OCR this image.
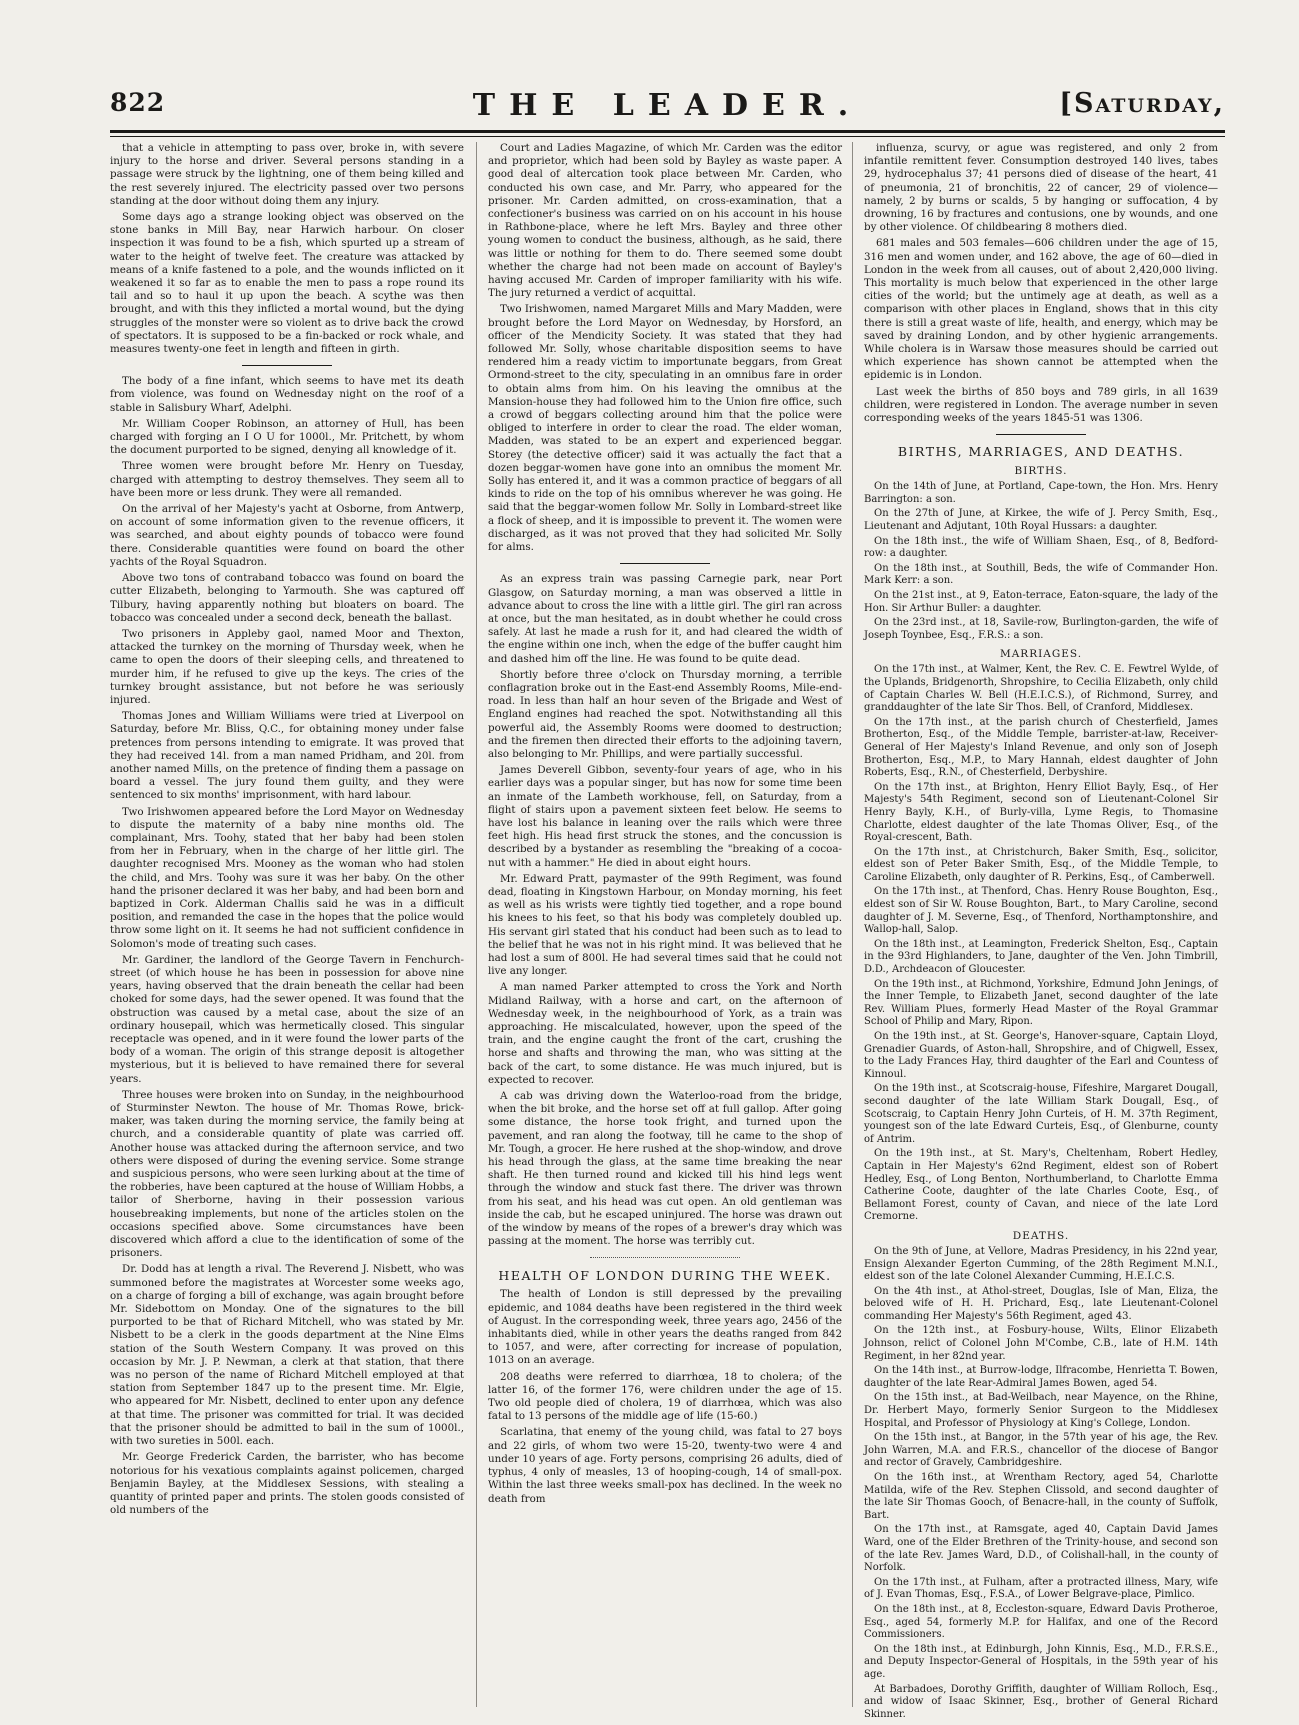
822	THE LEADER.	[Saturday,

that a vehicle in attempting to pass over, broke in, with severe injury to the horse and driver. Several persons standing in a passage were struck by the lightning, one of them being killed and the rest severely injured. The electricity passed over two persons standing at the door without doing them any injury.

Some days ago a strange looking object was observed on the stone banks in Mill Bay, near Harwich harbour. On closer inspection it was found to be a fish, which spurted up a stream of water to the height of twelve feet. The creature was attacked by means of a knife fastened to a pole, and the wounds inflicted on it weakened it so far as to enable the men to pass a rope round its tail and so to haul it up upon the beach. A scythe was then brought, and with this they inflicted a mortal wound, but the dying struggles of the monster were so violent as to drive back the crowd of spectators. It is supposed to be a fin-backed or rock whale, and measures twenty-one feet in length and fifteen in girth.

The body of a fine infant, which seems to have met its death from violence, was found on Wednesday night on the roof of a stable in Salisbury Wharf, Adelphi.

Mr. William Cooper Robinson, an attorney of Hull, has been charged with forging an I O U for 1000l., Mr. Pritchett, by whom the document purported to be signed, denying all knowledge of it.

Three women were brought before Mr. Henry on Tuesday, charged with attempting to destroy themselves. They seem all to have been more or less drunk. They were all remanded.

On the arrival of her Majesty's yacht at Osborne, from Antwerp, on account of some information given to the revenue officers, it was searched, and about eighty pounds of tobacco were found there. Considerable quantities were found on board the other yachts of the Royal Squadron.

Above two tons of contraband tobacco was found on board the cutter Elizabeth, belonging to Yarmouth. She was captured off Tilbury, having apparently nothing but bloaters on board. The tobacco was concealed under a second deck, beneath the ballast.

Two prisoners in Appleby gaol, named Moor and Thexton, attacked the turnkey on the morning of Thursday week, when he came to open the doors of their sleeping cells, and threatened to murder him, if he refused to give up the keys. The cries of the turnkey brought assistance, but not before he was seriously injured.

Thomas Jones and William Williams were tried at Liverpool on Saturday, before Mr. Bliss, Q.C., for obtaining money under false pretences from persons intending to emigrate. It was proved that they had received 14l. from a man named Pridham, and 20l. from another named Mills, on the pretence of finding them a passage on board a vessel. The jury found them guilty, and they were sentenced to six months' imprisonment, with hard labour.

Two Irishwomen appeared before the Lord Mayor on Wednesday to dispute the maternity of a baby nine months old. The complainant, Mrs. Toohy, stated that her baby had been stolen from her in February, when in the charge of her little girl. The daughter recognised Mrs. Mooney as the woman who had stolen the child, and Mrs. Toohy was sure it was her baby. On the other hand the prisoner declared it was her baby, and had been born and baptized in Cork. Alderman Challis said he was in a difficult position, and remanded the case in the hopes that the police would throw some light on it. It seems he had not sufficient confidence in Solomon's mode of treating such cases.

Mr. Gardiner, the landlord of the George Tavern in Fenchurch-street (of which house he has been in possession for above nine years, having observed that the drain beneath the cellar had been choked for some days, had the sewer opened. It was found that the obstruction was caused by a metal case, about the size of an ordinary housepail, which was hermetically closed. This singular receptacle was opened, and in it were found the lower parts of the body of a woman. The origin of this strange deposit is altogether mysterious, but it is believed to have remained there for several years.

Three houses were broken into on Sunday, in the neighbourhood of Sturminster Newton. The house of Mr. Thomas Rowe, brick-maker, was taken during the morning service, the family being at church, and a considerable quantity of plate was carried off. Another house was attacked during the afternoon service, and two others were disposed of during the evening service. Some strange and suspicious persons, who were seen lurking about at the time of the robberies, have been captured at the house of William Hobbs, a tailor of Sherborne, having in their possession various housebreaking implements, but none of the articles stolen on the occasions specified above. Some circumstances have been discovered which afford a clue to the identification of some of the prisoners.

Dr. Dodd has at length a rival. The Reverend J. Nisbett, who was summoned before the magistrates at Worcester some weeks ago, on a charge of forging a bill of exchange, was again brought before Mr. Sidebottom on Monday. One of the signatures to the bill purported to be that of Richard Mitchell, who was stated by Mr. Nisbett to be a clerk in the goods department at the Nine Elms station of the South Western Company. It was proved on this occasion by Mr. J. P. Newman, a clerk at that station, that there was no person of the name of Richard Mitchell employed at that station from September 1847 up to the present time. Mr. Elgie, who appeared for Mr. Nisbett, declined to enter upon any defence at that time. The prisoner was committed for trial. It was decided that the prisoner should be admitted to bail in the sum of 1000l., with two sureties in 500l. each.

Mr. George Frederick Carden, the barrister, who has become notorious for his vexatious complaints against policemen, charged Benjamin Bayley, at the Middlesex Sessions, with stealing a quantity of printed paper and prints. The stolen goods consisted of old numbers of the

Court and Ladies Magazine, of which Mr. Carden was the editor and proprietor, which had been sold by Bayley as waste paper. A good deal of altercation took place between Mr. Carden, who conducted his own case, and Mr. Parry, who appeared for the prisoner. Mr. Carden admitted, on cross-examination, that a confectioner's business was carried on on his account in his house in Rathbone-place, where he left Mrs. Bayley and three other young women to conduct the business, although, as he said, there was little or nothing for them to do. There seemed some doubt whether the charge had not been made on account of Bayley's having accused Mr. Carden of improper familiarity with his wife. The jury returned a verdict of acquittal.

Two Irishwomen, named Margaret Mills and Mary Madden, were brought before the Lord Mayor on Wednesday, by Horsford, an officer of the Mendicity Society. It was stated that they had followed Mr. Solly, whose charitable disposition seems to have rendered him a ready victim to importunate beggars, from Great Ormond-street to the city, speculating in an omnibus fare in order to obtain alms from him. On his leaving the omnibus at the Mansion-house they had followed him to the Union fire office, such a crowd of beggars collecting around him that the police were obliged to interfere in order to clear the road. The elder woman, Madden, was stated to be an expert and experienced beggar. Storey (the detective officer) said it was actually the fact that a dozen beggar-women have gone into an omnibus the moment Mr. Solly has entered it, and it was a common practice of beggars of all kinds to ride on the top of his omnibus wherever he was going. He said that the beggar-women follow Mr. Solly in Lombard-street like a flock of sheep, and it is impossible to prevent it. The women were discharged, as it was not proved that they had solicited Mr. Solly for alms.

As an express train was passing Carnegie park, near Port Glasgow, on Saturday morning, a man was observed a little in advance about to cross the line with a little girl. The girl ran across at once, but the man hesitated, as in doubt whether he could cross safely. At last he made a rush for it, and had cleared the width of the engine within one inch, when the edge of the buffer caught him and dashed him off the line. He was found to be quite dead.

Shortly before three o'clock on Thursday morning, a terrible conflagration broke out in the East-end Assembly Rooms, Mile-end-road. In less than half an hour seven of the Brigade and West of England engines had reached the spot. Notwithstanding all this powerful aid, the Assembly Rooms were doomed to destruction; and the firemen then directed their efforts to the adjoining tavern, also belonging to Mr. Phillips, and were partially successful.

James Deverell Gibbon, seventy-four years of age, who in his earlier days was a popular singer, but has now for some time been an inmate of the Lambeth workhouse, fell, on Saturday, from a flight of stairs upon a pavement sixteen feet below. He seems to have lost his balance in leaning over the rails which were three feet high. His head first struck the stones, and the concussion is described by a bystander as resembling the "breaking of a cocoa-nut with a hammer." He died in about eight hours.

Mr. Edward Pratt, paymaster of the 99th Regiment, was found dead, floating in Kingstown Harbour, on Monday morning, his feet as well as his wrists were tightly tied together, and a rope bound his knees to his feet, so that his body was completely doubled up. His servant girl stated that his conduct had been such as to lead to the belief that he was not in his right mind. It was believed that he had lost a sum of 800l. He had several times said that he could not live any longer.

A man named Parker attempted to cross the York and North Midland Railway, with a horse and cart, on the afternoon of Wednesday week, in the neighbourhood of York, as a train was approaching. He miscalculated, however, upon the speed of the train, and the engine caught the front of the cart, crushing the horse and shafts and throwing the man, who was sitting at the back of the cart, to some distance. He was much injured, but is expected to recover.

A cab was driving down the Waterloo-road from the bridge, when the bit broke, and the horse set off at full gallop. After going some distance, the horse took fright, and turned upon the pavement, and ran along the footway, till he came to the shop of Mr. Tough, a grocer. He here rushed at the shop-window, and drove his head through the glass, at the same time breaking the near shaft. He then turned round and kicked till his hind legs went through the window and stuck fast there. The driver was thrown from his seat, and his head was cut open. An old gentleman was inside the cab, but he escaped uninjured. The horse was drawn out of the window by means of the ropes of a brewer's dray which was passing at the moment. The horse was terribly cut.

HEALTH OF LONDON DURING THE WEEK.

The health of London is still depressed by the prevailing epidemic, and 1084 deaths have been registered in the third week of August. In the corresponding week, three years ago, 2456 of the inhabitants died, while in other years the deaths ranged from 842 to 1057, and were, after correcting for increase of population, 1013 on an average.

208 deaths were referred to diarrhœa, 18 to cholera; of the latter 16, of the former 176, were children under the age of 15. Two old people died of cholera, 19 of diarrhœa, which was also fatal to 13 persons of the middle age of life (15-60.)

Scarlatina, that enemy of the young child, was fatal to 27 boys and 22 girls, of whom two were 15-20, twenty-two were 4 and under 10 years of age. Forty persons, comprising 26 adults, died of typhus, 4 only of measles, 13 of hooping-cough, 14 of small-pox. Within the last three weeks small-pox has declined. In the week no death from

influenza, scurvy, or ague was registered, and only 2 from infantile remittent fever. Consumption destroyed 140 lives, tabes 29, hydrocephalus 37; 41 persons died of disease of the heart, 41 of pneumonia, 21 of bronchitis, 22 of cancer, 29 of violence—namely, 2 by burns or scalds, 5 by hanging or suffocation, 4 by drowning, 16 by fractures and contusions, one by wounds, and one by other violence. Of childbearing 8 mothers died.

681 males and 503 females—606 children under the age of 15, 316 men and women under, and 162 above, the age of 60—died in London in the week from all causes, out of about 2,420,000 living. This mortality is much below that experienced in the other large cities of the world; but the untimely age at death, as well as a comparison with other places in England, shows that in this city there is still a great waste of life, health, and energy, which may be saved by draining London, and by other hygienic arrangements. While cholera is in Warsaw those measures should be carried out which experience has shown cannot be attempted when the epidemic is in London.

Last week the births of 850 boys and 789 girls, in all 1639 children, were registered in London. The average number in seven corresponding weeks of the years 1845-51 was 1306.

BIRTHS, MARRIAGES, AND DEATHS.
BIRTHS.

On the 14th of June, at Portland, Cape-town, the Hon. Mrs. Henry Barrington: a son.

On the 27th of June, at Kirkee, the wife of J. Percy Smith, Esq., Lieutenant and Adjutant, 10th Royal Hussars: a daughter.

On the 18th inst., the wife of William Shaen, Esq., of 8, Bedford-row: a daughter.

On the 18th inst., at Southill, Beds, the wife of Commander Hon. Mark Kerr: a son.

On the 21st inst., at 9, Eaton-terrace, Eaton-square, the lady of the Hon. Sir Arthur Buller: a daughter.

On the 23rd inst., at 18, Savile-row, Burlington-garden, the wife of Joseph Toynbee, Esq., F.R.S.: a son.

MARRIAGES.

On the 17th inst., at Walmer, Kent, the Rev. C. E. Fewtrel Wylde, of the Uplands, Bridgenorth, Shropshire, to Cecilia Elizabeth, only child of Captain Charles W. Bell (H.E.I.C.S.), of Richmond, Surrey, and granddaughter of the late Sir Thos. Bell, of Cranford, Middlesex.

On the 17th inst., at the parish church of Chesterfield, James Brotherton, Esq., of the Middle Temple, barrister-at-law, Receiver-General of Her Majesty's Inland Revenue, and only son of Joseph Brotherton, Esq., M.P., to Mary Hannah, eldest daughter of John Roberts, Esq., R.N., of Chesterfield, Derbyshire.

On the 17th inst., at Brighton, Henry Elliot Bayly, Esq., of Her Majesty's 54th Regiment, second son of Lieutenant-Colonel Sir Henry Bayly, K.H., of Burly-villa, Lyme Regis, to Thomasine Charlotte, eldest daughter of the late Thomas Oliver, Esq., of the Royal-crescent, Bath.

On the 17th inst., at Christchurch, Baker Smith, Esq., solicitor, eldest son of Peter Baker Smith, Esq., of the Middle Temple, to Caroline Elizabeth, only daughter of R. Perkins, Esq., of Camberwell.

On the 17th inst., at Thenford, Chas. Henry Rouse Boughton, Esq., eldest son of Sir W. Rouse Boughton, Bart., to Mary Caroline, second daughter of J. M. Severne, Esq., of Thenford, Northamptonshire, and Wallop-hall, Salop.

On the 18th inst., at Leamington, Frederick Shelton, Esq., Captain in the 93rd Highlanders, to Jane, daughter of the Ven. John Timbrill, D.D., Archdeacon of Gloucester.

On the 19th inst., at Richmond, Yorkshire, Edmund John Jenings, of the Inner Temple, to Elizabeth Janet, second daughter of the late Rev. William Plues, formerly Head Master of the Royal Grammar School of Philip and Mary, Ripon.

On the 19th inst., at St. George's, Hanover-square, Captain Lloyd, Grenadier Guards, of Aston-hall, Shropshire, and of Chigwell, Essex, to the Lady Frances Hay, third daughter of the Earl and Countess of Kinnoul.

On the 19th inst., at Scotscraig-house, Fifeshire, Margaret Dougall, second daughter of the late William Stark Dougall, Esq., of Scotscraig, to Captain Henry John Curteis, of H. M. 37th Regiment, youngest son of the late Edward Curteis, Esq., of Glenburne, county of Antrim.

On the 19th inst., at St. Mary's, Cheltenham, Robert Hedley, Captain in Her Majesty's 62nd Regiment, eldest son of Robert Hedley, Esq., of Long Benton, Northumberland, to Charlotte Emma Catherine Coote, daughter of the late Charles Coote, Esq., of Bellamont Forest, county of Cavan, and niece of the late Lord Cremorne.

DEATHS.

On the 9th of June, at Vellore, Madras Presidency, in his 22nd year, Ensign Alexander Egerton Cumming, of the 28th Regiment M.N.I., eldest son of the late Colonel Alexander Cumming, H.E.I.C.S.

On the 4th inst., at Athol-street, Douglas, Isle of Man, Eliza, the beloved wife of H. H. Prichard, Esq., late Lieutenant-Colonel commanding Her Majesty's 56th Regiment, aged 43.

On the 12th inst., at Fosbury-house, Wilts, Elinor Elizabeth Johnson, relict of Colonel John M'Combe, C.B., late of H.M. 14th Regiment, in her 82nd year.

On the 14th inst., at Burrow-lodge, Ilfracombe, Henrietta T. Bowen, daughter of the late Rear-Admiral James Bowen, aged 54.

On the 15th inst., at Bad-Weilbach, near Mayence, on the Rhine, Dr. Herbert Mayo, formerly Senior Surgeon to the Middlesex Hospital, and Professor of Physiology at King's College, London.

On the 15th inst., at Bangor, in the 57th year of his age, the Rev. John Warren, M.A. and F.R.S., chancellor of the diocese of Bangor and rector of Gravely, Cambridgeshire.

On the 16th inst., at Wrentham Rectory, aged 54, Charlotte Matilda, wife of the Rev. Stephen Clissold, and second daughter of the late Sir Thomas Gooch, of Benacre-hall, in the county of Suffolk, Bart.

On the 17th inst., at Ramsgate, aged 40, Captain David James Ward, one of the Elder Brethren of the Trinity-house, and second son of the late Rev. James Ward, D.D., of Colishall-hall, in the county of Norfolk.

On the 17th inst., at Fulham, after a protracted illness, Mary, wife of J. Evan Thomas, Esq., F.S.A., of Lower Belgrave-place, Pimlico.

On the 18th inst., at 8, Eccleston-square, Edward Davis Protheroe, Esq., aged 54, formerly M.P. for Halifax, and one of the Record Commissioners.

On the 18th inst., at Edinburgh, John Kinnis, Esq., M.D., F.R.S.E., and Deputy Inspector-General of Hospitals, in the 59th year of his age.

At Barbadoes, Dorothy Griffith, daughter of William Rolloch, Esq., and widow of Isaac Skinner, Esq., brother of General Richard Skinner.
